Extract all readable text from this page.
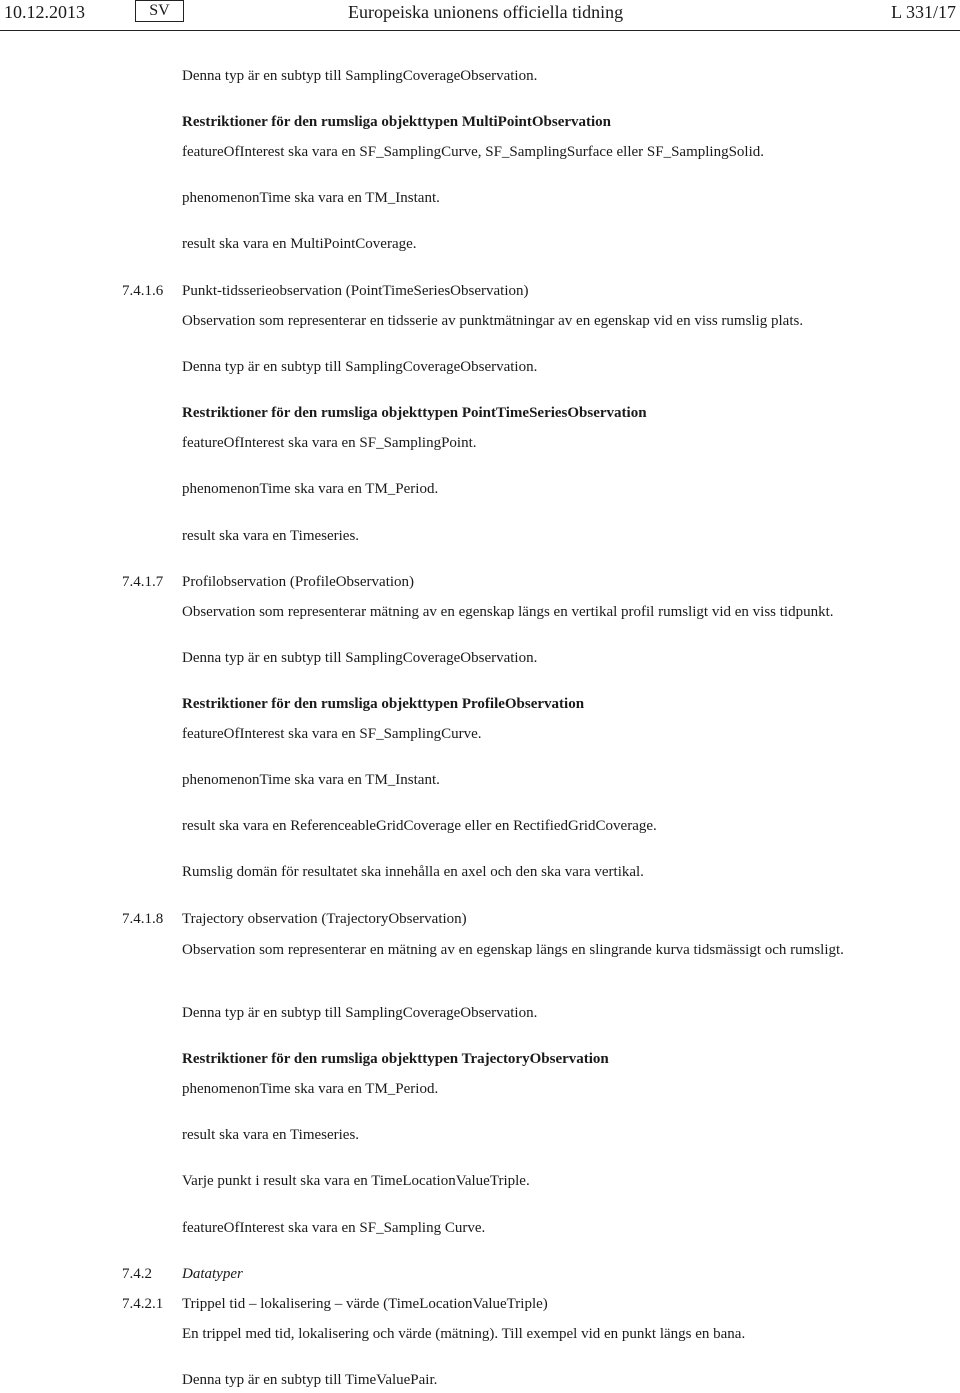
10.12.2013	SV	Europeiska unionens officiella tidning	L 331/17
Denna typ är en subtyp till SamplingCoverageObservation.
Restriktioner för den rumsliga objekttypen MultiPointObservation
featureOfInterest ska vara en SF_SamplingCurve, SF_SamplingSurface eller SF_SamplingSolid.
phenomenonTime ska vara en TM_Instant.
result ska vara en MultiPointCoverage.
7.4.1.6 Punkt-tidsserieobservation (PointTimeSeriesObservation)
Observation som representerar en tidsserie av punktmätningar av en egenskap vid en viss rumslig plats.
Denna typ är en subtyp till SamplingCoverageObservation.
Restriktioner för den rumsliga objekttypen PointTimeSeriesObservation
featureOfInterest ska vara en SF_SamplingPoint.
phenomenonTime ska vara en TM_Period.
result ska vara en Timeseries.
7.4.1.7 Profilobservation (ProfileObservation)
Observation som representerar mätning av en egenskap längs en vertikal profil rumsligt vid en viss tidpunkt.
Denna typ är en subtyp till SamplingCoverageObservation.
Restriktioner för den rumsliga objekttypen ProfileObservation
featureOfInterest ska vara en SF_SamplingCurve.
phenomenonTime ska vara en TM_Instant.
result ska vara en ReferenceableGridCoverage eller en RectifiedGridCoverage.
Rumslig domän för resultatet ska innehålla en axel och den ska vara vertikal.
7.4.1.8 Trajectory observation (TrajectoryObservation)
Observation som representerar en mätning av en egenskap längs en slingrande kurva tidsmässigt och rumsligt.
Denna typ är en subtyp till SamplingCoverageObservation.
Restriktioner för den rumsliga objekttypen TrajectoryObservation
phenomenonTime ska vara en TM_Period.
result ska vara en Timeseries.
Varje punkt i result ska vara en TimeLocationValueTriple.
featureOfInterest ska vara en SF_Sampling Curve.
7.4.2 Datatyper
7.4.2.1 Trippel tid – lokalisering – värde (TimeLocationValueTriple)
En trippel med tid, lokalisering och värde (mätning). Till exempel vid en punkt längs en bana.
Denna typ är en subtyp till TimeValuePair.
